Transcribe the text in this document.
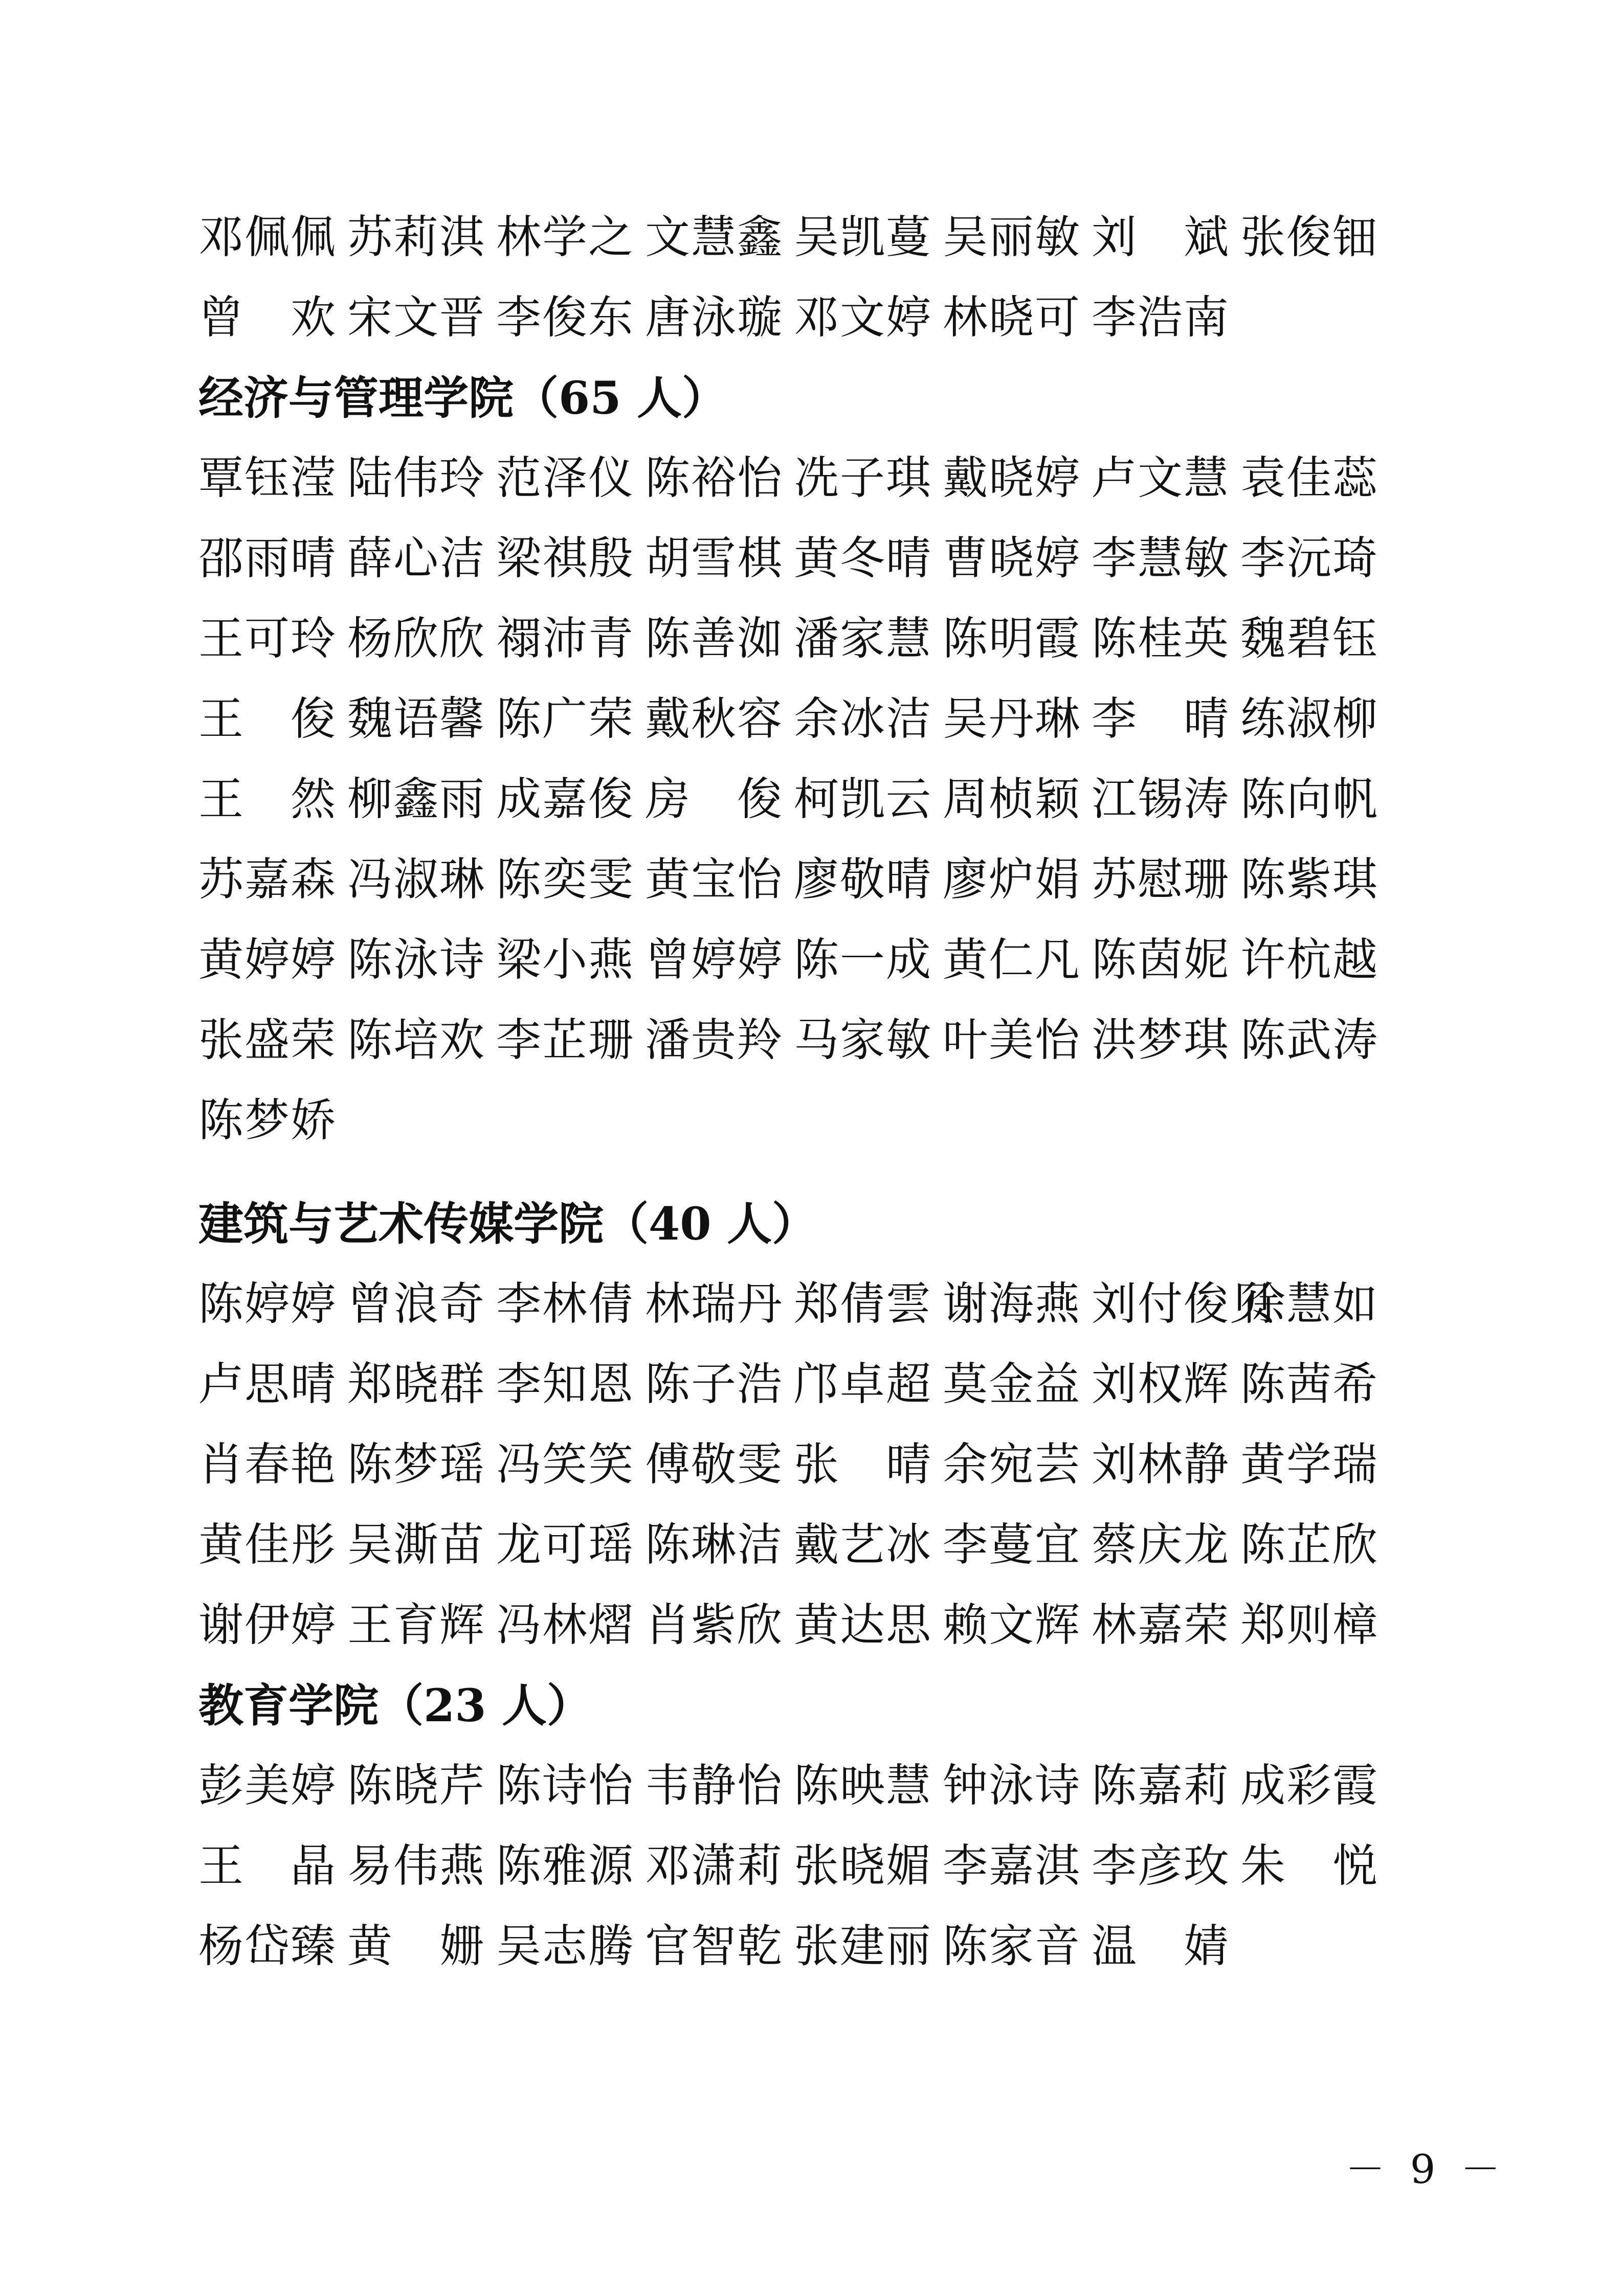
邓佩佩 苏莉淇 林学之 文慧鑫 吴凯蔓 吴丽敏 刘　斌 张俊钿
曾　欢 宋文晋 李俊东 唐泳璇 邓文婷 林晓可 李浩南
经济与管理学院（65 人）
覃钰滢 陆伟玲 范泽仪 陈裕怡 冼子琪 戴晓婷 卢文慧 袁佳蕊
邵雨晴 薛心洁 梁祺殷 胡雪棋 黄冬晴 曹晓婷 李慧敏 李沅琦
王可玲 杨欣欣 禤沛青 陈善洳 潘家慧 陈明霞 陈桂英 魏碧钰
王　俊 魏语馨 陈广荣 戴秋容 余冰洁 吴丹琳 李　晴 练淑柳
王　然 柳鑫雨 成嘉俊 房　俊 柯凯云 周桢颖 江锡涛 陈向帆
苏嘉森 冯淑琳 陈奕雯 黄宝怡 廖敬晴 廖炉娟 苏慰珊 陈紫琪
黄婷婷 陈泳诗 梁小燕 曾婷婷 陈一成 黄仁凡 陈茵妮 许杭越
张盛荣 陈培欢 李芷珊 潘贵羚 马家敏 叶美怡 洪梦琪 陈武涛
陈梦娇
建筑与艺术传媒学院（40 人）
陈婷婷 曾浪奇 李林倩 林瑞丹 郑倩雲 谢海燕 刘付俊贝
徐慧如
卢思晴 郑晓群 李知恩 陈子浩 邝卓超 莫金益 刘权辉 陈茜希
肖春艳 陈梦瑶 冯笑笑 傅敬雯 张　晴 余宛芸 刘林静 黄学瑞
黄佳彤 吴澌苗 龙可瑶 陈琳洁 戴艺冰 李蔓宜 蔡庆龙 陈芷欣
谢伊婷 王育辉 冯林熠 肖紫欣 黄达思 赖文辉 林嘉荣 郑则樟
教育学院（23 人）
彭美婷 陈晓芹 陈诗怡 韦静怡 陈映慧 钟泳诗 陈嘉莉 成彩霞
王　晶 易伟燕 陈雅源 邓潇莉 张晓媚 李嘉淇 李彦玫 朱　悦
杨岱臻 黄　姗 吴志腾 官智乾 张建丽 陈家音 温　婧
－ 9 －
